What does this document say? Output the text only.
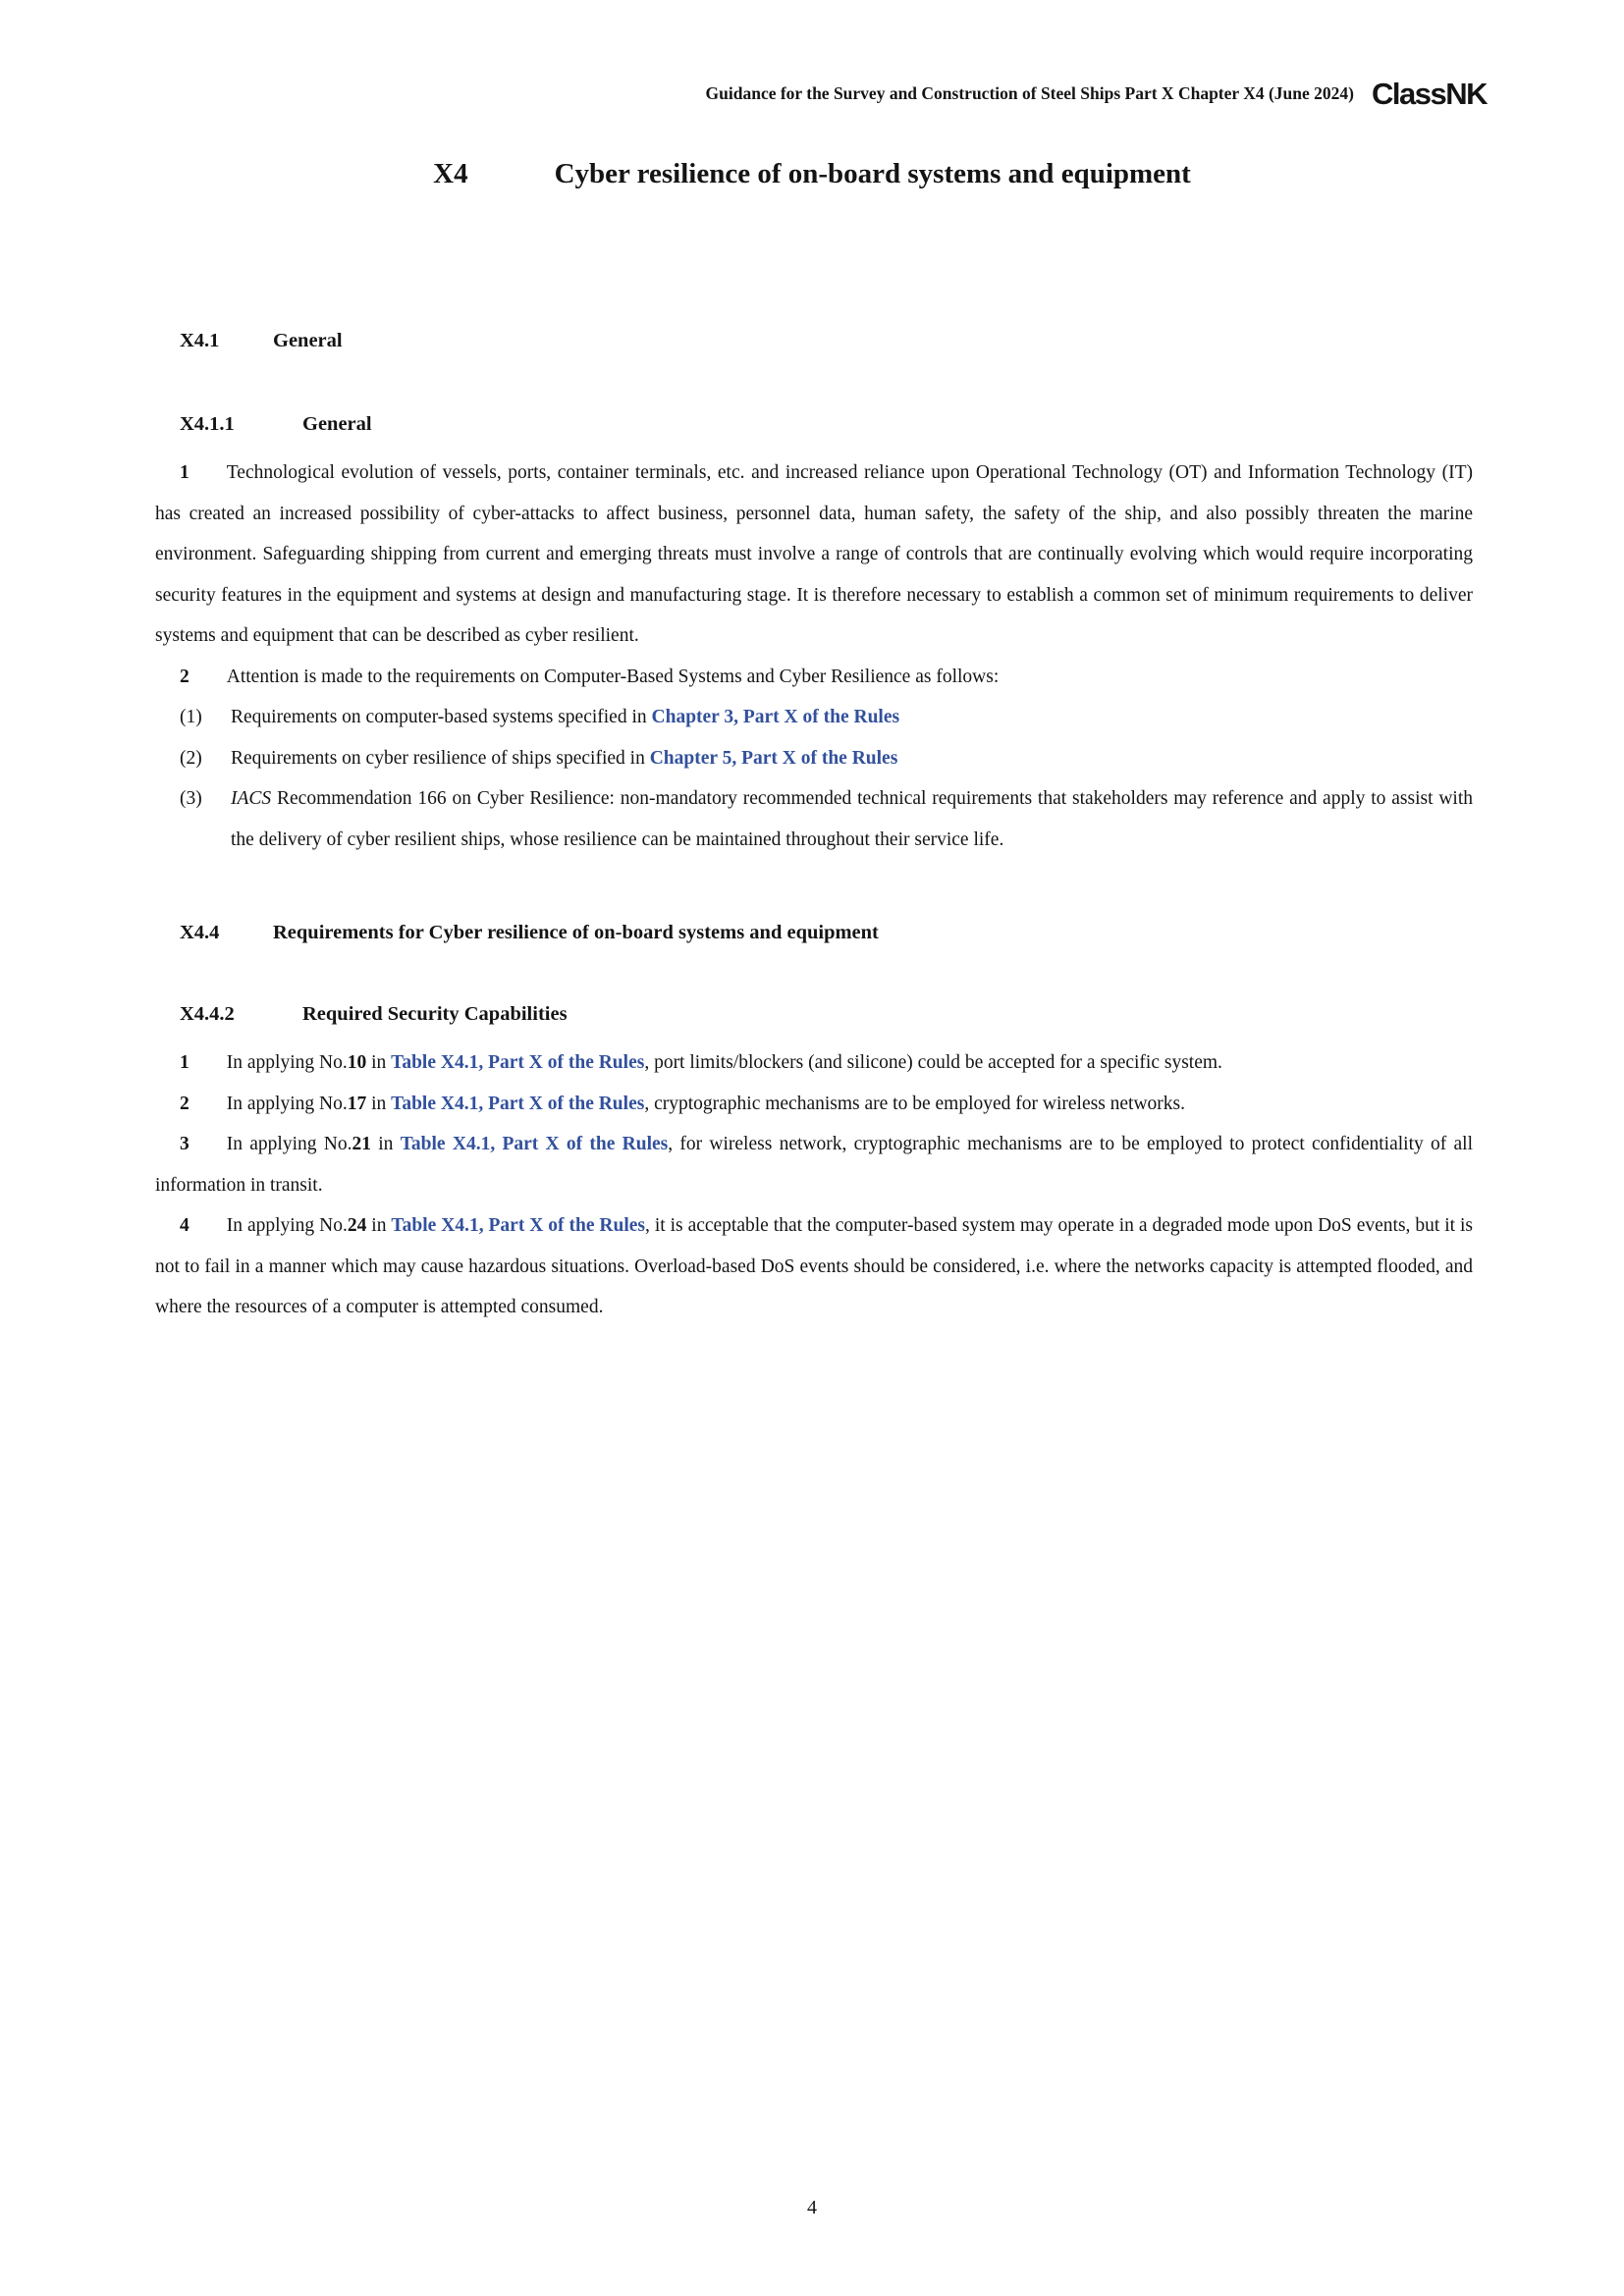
Guidance for the Survey and Construction of Steel Ships Part X Chapter X4 (June 2024) ClassNK
X4	Cyber resilience of on-board systems and equipment
X4.1	General
X4.1.1	General

1 Technological evolution of vessels, ports, container terminals, etc. and increased reliance upon Operational Technology (OT) and Information Technology (IT) has created an increased possibility of cyber-attacks to affect business, personnel data, human safety, the safety of the ship, and also possibly threaten the marine environment. Safeguarding shipping from current and emerging threats must involve a range of controls that are continually evolving which would require incorporating security features in the equipment and systems at design and manufacturing stage. It is therefore necessary to establish a common set of minimum requirements to deliver systems and equipment that can be described as cyber resilient.

2 Attention is made to the requirements on Computer-Based Systems and Cyber Resilience as follows:

(1)	Requirements on computer-based systems specified in Chapter 3, Part X of the Rules
(2)	Requirements on cyber resilience of ships specified in Chapter 5, Part X of the Rules
(3)	IACS Recommendation 166 on Cyber Resilience: non-mandatory recommended technical requirements that stakeholders may reference and apply to assist with the delivery of cyber resilient ships, whose resilience can be maintained throughout their service life.
X4.4	Requirements for Cyber resilience of on-board systems and equipment
X4.4.2	Required Security Capabilities

1 In applying No.10 in Table X4.1, Part X of the Rules, port limits/blockers (and silicone) could be accepted for a specific system.

2 In applying No.17 in Table X4.1, Part X of the Rules, cryptographic mechanisms are to be employed for wireless networks.

3 In applying No.21 in Table X4.1, Part X of the Rules, for wireless network, cryptographic mechanisms are to be employed to protect confidentiality of all information in transit.

4 In applying No.24 in Table X4.1, Part X of the Rules, it is acceptable that the computer-based system may operate in a degraded mode upon DoS events, but it is not to fail in a manner which may cause hazardous situations. Overload-based DoS events should be considered, i.e. where the networks capacity is attempted flooded, and where the resources of a computer is attempted consumed.

4
